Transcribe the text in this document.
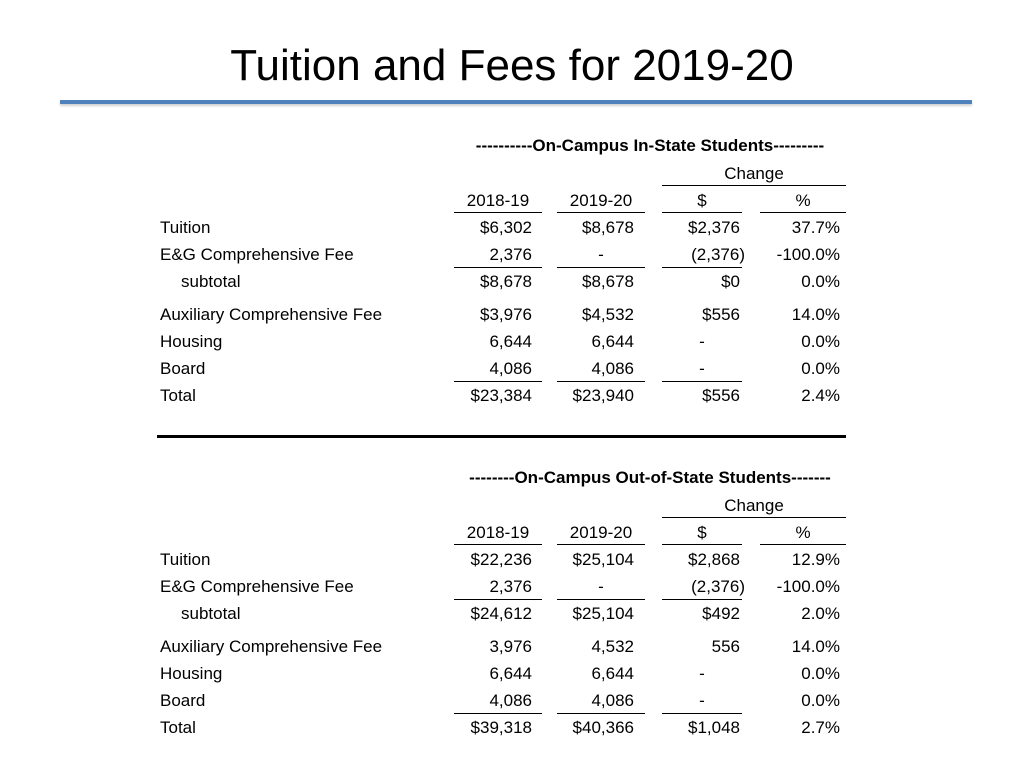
Tuition and Fees for 2019-20
----------On-Campus In-State Students---------
Change
2018-19	2019-20	$	%
Tuition	$6,302	$8,678	$2,376	37.7%
E&G Comprehensive Fee	2,376	-	(2,376)	-100.0%
subtotal	$8,678	$8,678	$0	0.0%
Auxiliary Comprehensive Fee	$3,976	$4,532	$556	14.0%
Housing	6,644	6,644	-	0.0%
Board	4,086	4,086	-	0.0%
Total	$23,384	$23,940	$556	2.4%
--------On-Campus Out-of-State Students-------
Change
2018-19	2019-20	$	%
Tuition	$22,236	$25,104	$2,868	12.9%
E&G Comprehensive Fee	2,376	-	(2,376)	-100.0%
subtotal	$24,612	$25,104	$492	2.0%
Auxiliary Comprehensive Fee	3,976	4,532	556	14.0%
Housing	6,644	6,644	-	0.0%
Board	4,086	4,086	-	0.0%
Total	$39,318	$40,366	$1,048	2.7%
